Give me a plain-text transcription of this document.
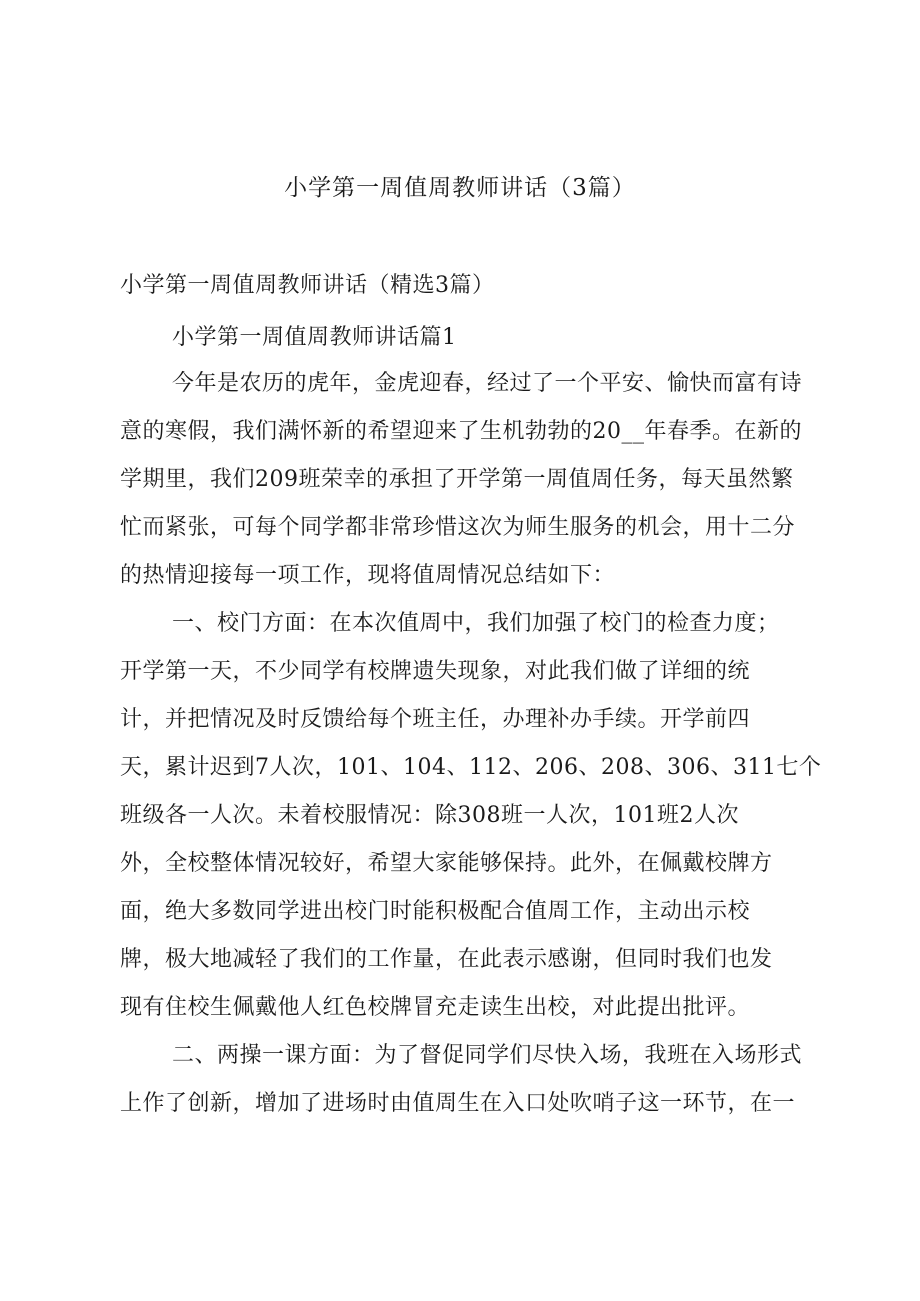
小学第一周值周教师讲话（3篇）
小学第一周值周教师讲话（精选3篇）
小学第一周值周教师讲话篇1
今年是农历的虎年，金虎迎春，经过了一个平安、愉快而富有诗
意的寒假，我们满怀新的希望迎来了生机勃勃的20__年春季。在新的
学期里，我们209班荣幸的承担了开学第一周值周任务，每天虽然繁
忙而紧张，可每个同学都非常珍惜这次为师生服务的机会，用十二分
的热情迎接每一项工作，现将值周情况总结如下：
一、校门方面：在本次值周中，我们加强了校门的检查力度；
开学第一天，不少同学有校牌遗失现象，对此我们做了详细的统
计，并把情况及时反馈给每个班主任，办理补办手续。开学前四
天，累计迟到7人次，101、104、112、206、208、306、311七个
班级各一人次。未着校服情况：除308班一人次，101班2人次
外，全校整体情况较好，希望大家能够保持。此外，在佩戴校牌方
面，绝大多数同学进出校门时能积极配合值周工作，主动出示校
牌，极大地减轻了我们的工作量，在此表示感谢，但同时我们也发
现有住校生佩戴他人红色校牌冒充走读生出校，对此提出批评。
二、两操一课方面：为了督促同学们尽快入场，我班在入场形式
上作了创新，增加了进场时由值周生在入口处吹哨子这一环节，在一
